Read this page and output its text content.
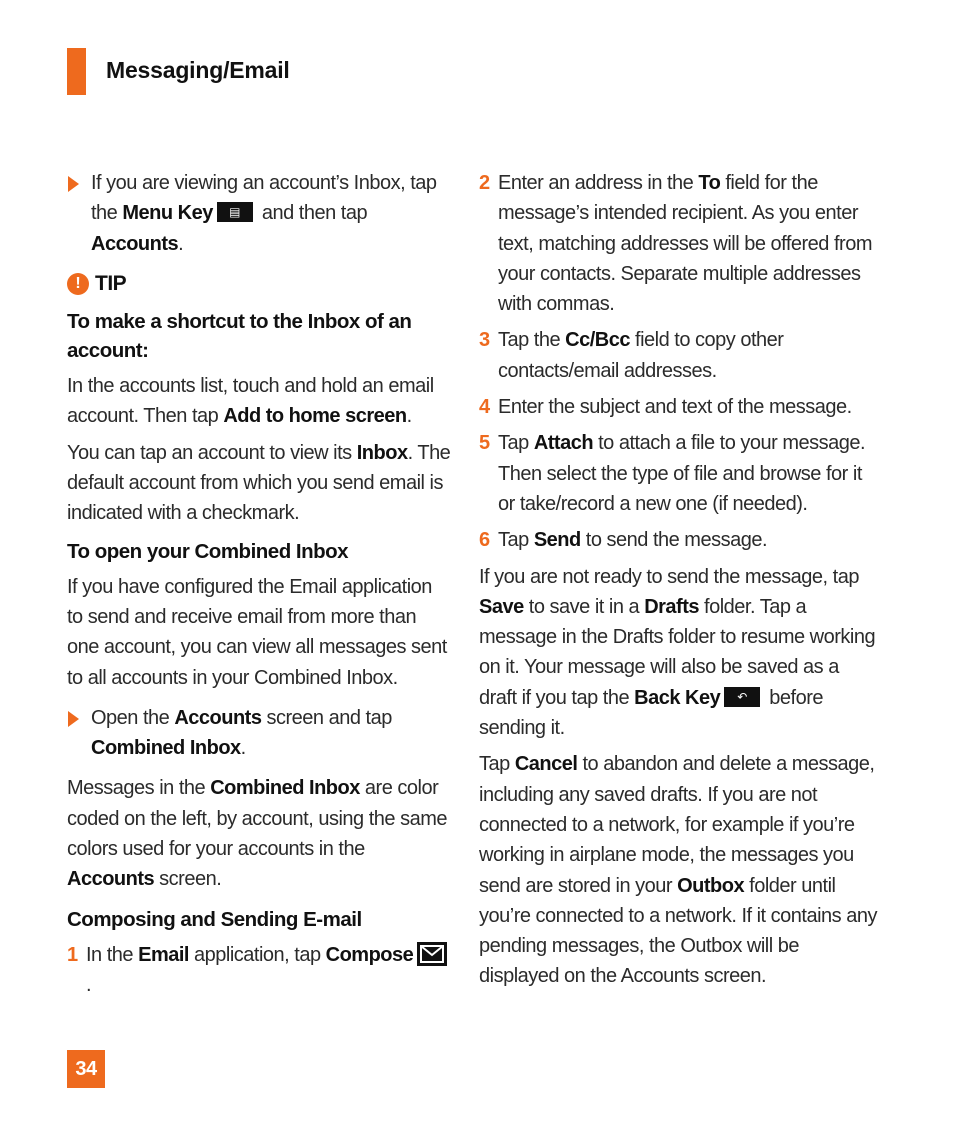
Messaging/Email
If you are viewing an account’s Inbox, tap the Menu Key	▤ and then tap Accounts.
! TIP
To make a shortcut to the Inbox of an account:

In the accounts list, touch and hold an email account. Then tap Add to home screen.

You can tap an account to view its Inbox. The default account from which you send email is indicated with a checkmark.

To open your Combined Inbox

If you have configured the Email application to send and receive email from more than one account, you can view all messages sent to all accounts in your Combined Inbox.

Open the Accounts screen and tap Combined Inbox.

Messages in the Combined Inbox are color coded on the left, by account, using the same colors used for your accounts in the Accounts screen.

Composing and Sending E-mail
1 In the Email application, tap Compose
.
2 Enter an address in the To field for the message’s intended recipient. As you enter text, matching addresses will be offered from your contacts. Separate multiple addresses with commas.
3 Tap the Cc/Bcc field to copy other contacts/email addresses.
4 Enter the subject and text of the message.
5 Tap Attach to attach a file to your message. Then select the type of file and browse for it or take/record a new one (if needed).
6 Tap Send to send the message.

If you are not ready to send the message, tap Save to save it in a Drafts folder. Tap a message in the Drafts folder to resume working on it. Your message will also be saved as a draft if you tap the Back Key	↶ before sending it.

Tap Cancel to abandon and delete a message, including any saved drafts. If you are not connected to a network, for example if you’re working in airplane mode, the messages you send are stored in your Outbox folder until you’re connected to a network. If it contains any pending messages, the Outbox will be displayed on the Accounts screen.

34
